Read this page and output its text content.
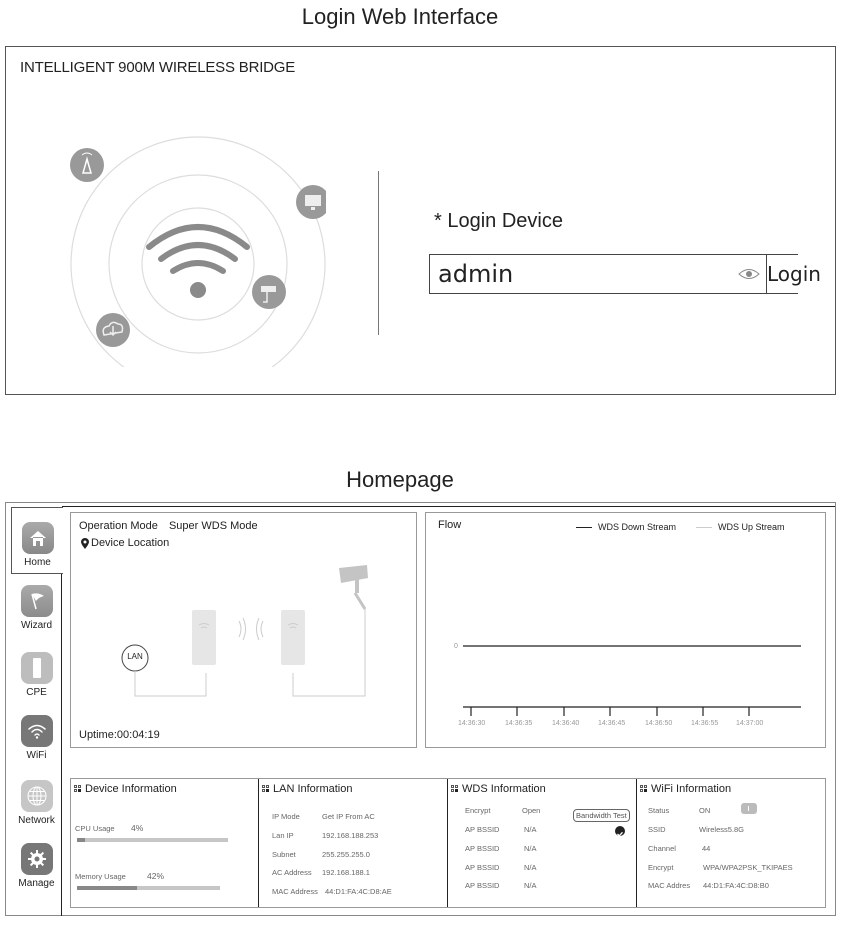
Login Web Interface
INTELLIGENT 900M WIRELESS BRIDGE
* Login Device
admin
Login
Homepage
Home
Wizard
CPE
WiFi
Network
Manage
Operation Mode Super WDS Mode
Device Location
LAN
Uptime:00:04:19
Flow	WDS Down Stream	WDS Up Stream
0
14:36:30	14:36:35	14:36:40	14:36:45	14:36:50	14:36:55	14:37:00
Device Information
CPU Usage 4%
Memory Usage 42%
LAN Information
IP Mode	Get IP From AC
Lan IP	192.168.188.253
Subnet	255.255.255.0
AC Address 192.168.188.1
MAC Address 44:D1:FA:4C:D8:AE
WDS Information
Encrypt	Open
AP BSSID	N/A
AP BSSID	N/A
AP BSSID	N/A
AP BSSID	N/A
Bandwidth Test
WiFi Information
Status	ON
SSID	Wireless5.8G
Channel	44
Encrypt	WPA/WPA2PSK_TKIPAES
MAC Addres 44:D1:FA:4C:D8:B0
